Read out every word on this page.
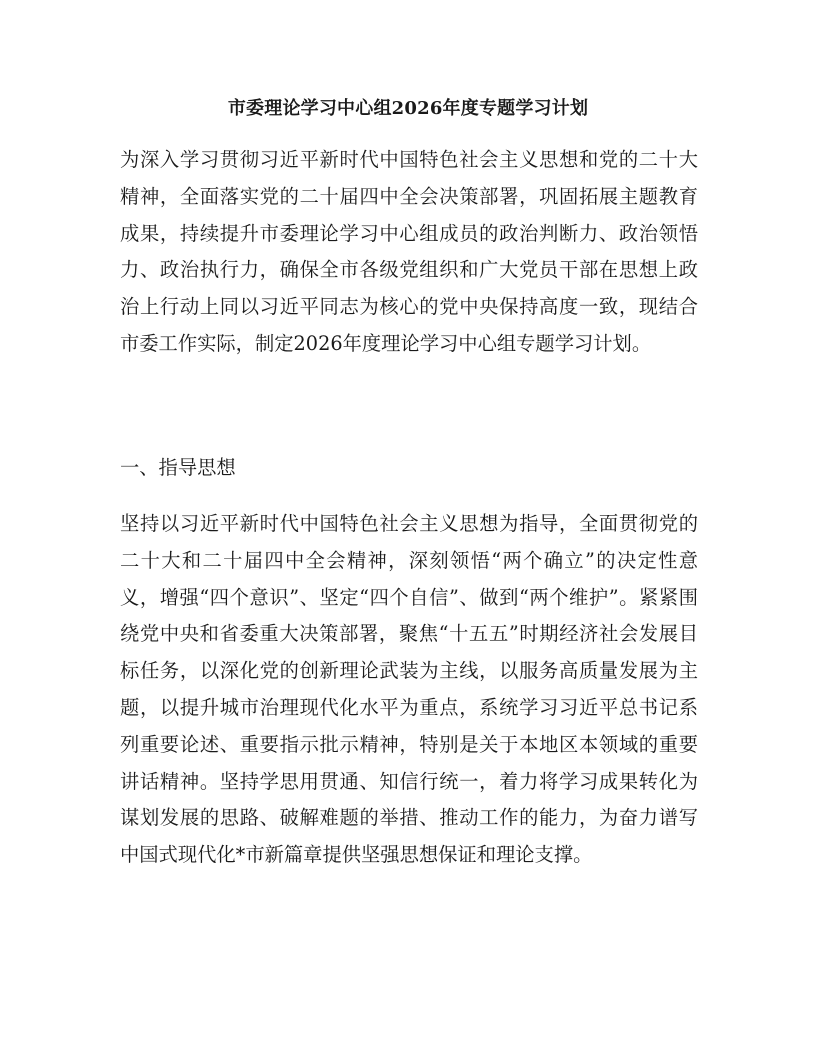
市委理论学习中心组2026年度专题学习计划

为深入学习贯彻习近平新时代中国特色社会主义思想和党的二十大精神，全面落实党的二十届四中全会决策部署，巩固拓展主题教育成果，持续提升市委理论学习中心组成员的政治判断力、政治领悟力、政治执行力，确保全市各级党组织和广大党员干部在思想上政治上行动上同以习近平同志为核心的党中央保持高度一致，现结合市委工作实际，制定2026年度理论学习中心组专题学习计划。

一、指导思想

坚持以习近平新时代中国特色社会主义思想为指导，全面贯彻党的二十大和二十届四中全会精神，深刻领悟“两个确立”的决定性意义，增强“四个意识”、坚定“四个自信”、做到“两个维护”。紧紧围绕党中央和省委重大决策部署，聚焦“十五五”时期经济社会发展目标任务，以深化党的创新理论武装为主线，以服务高质量发展为主题，以提升城市治理现代化水平为重点，系统学习习近平总书记系列重要论述、重要指示批示精神，特别是关于本地区本领域的重要讲话精神。坚持学思用贯通、知信行统一，着力将学习成果转化为谋划发展的思路、破解难题的举措、推动工作的能力，为奋力谱写中国式现代化*市新篇章提供坚强思想保证和理论支撑。
